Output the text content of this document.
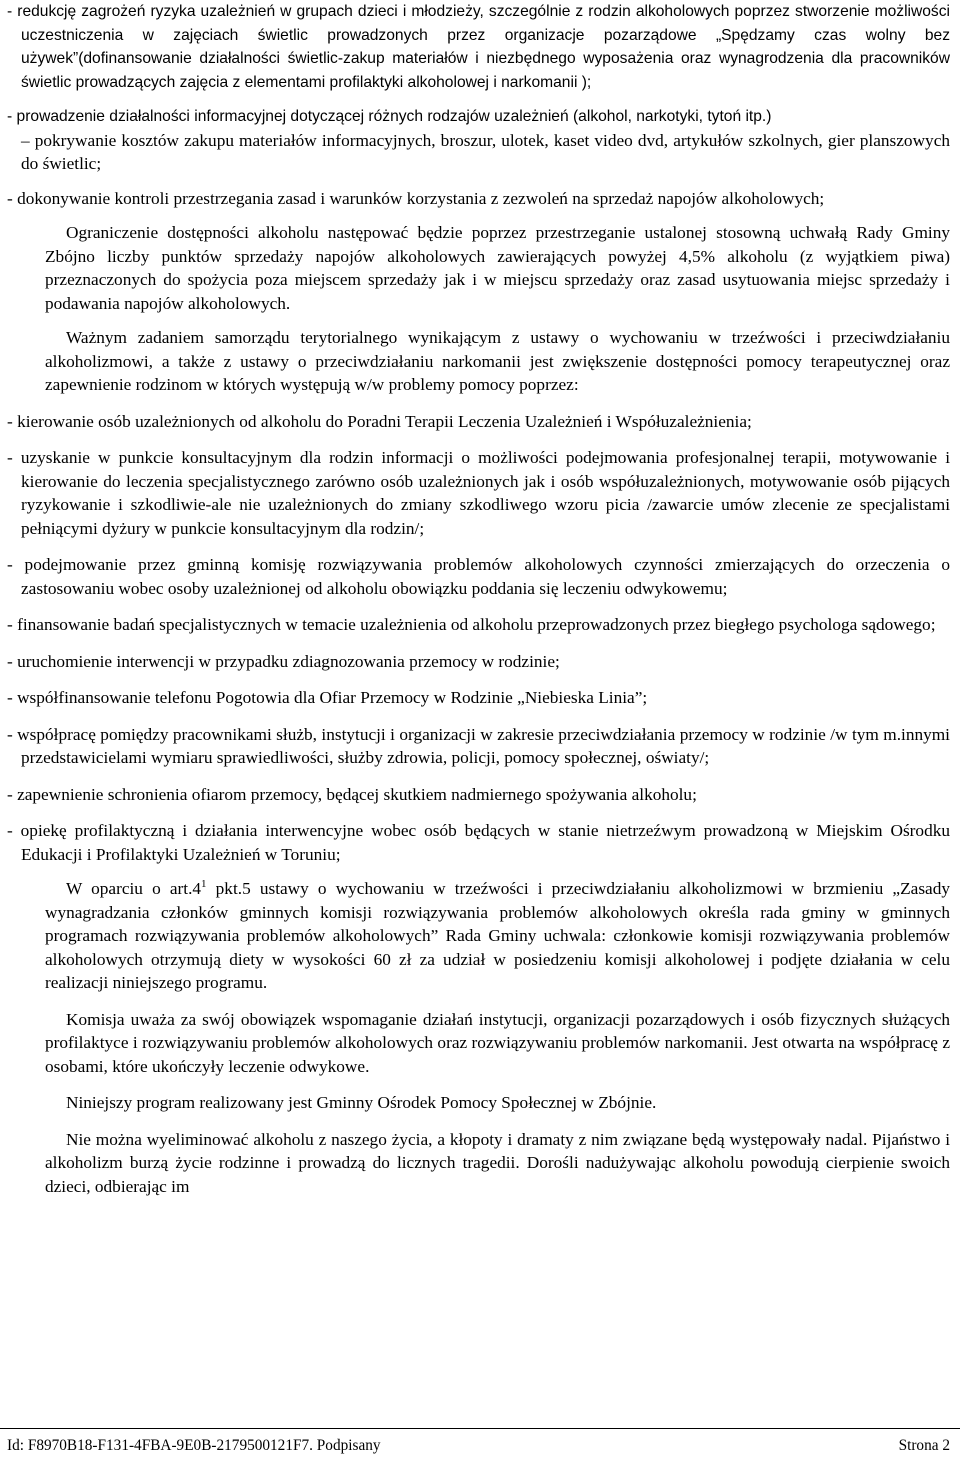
- redukcję zagrożeń ryzyka uzależnień w grupach dzieci i młodzieży, szczególnie z rodzin alkoholowych poprzez stworzenie możliwości uczestniczenia w zajęciach świetlic prowadzonych przez organizacje pozarządowe „Spędzamy czas wolny bez używek”(dofinansowanie działalności świetlic-zakup materiałów i niezbędnego wyposażenia oraz wynagrodzenia dla pracowników świetlic prowadzących zajęcia z elementami profilaktyki alkoholowej i narkomanii );

- prowadzenie działalności informacyjnej dotyczącej różnych rodzajów uzależnień (alkohol, narkotyki, tytoń itp.)

– pokrywanie kosztów zakupu materiałów informacyjnych, broszur, ulotek, kaset video dvd, artykułów szkolnych, gier planszowych do świetlic;

- dokonywanie kontroli przestrzegania zasad i warunków korzystania z zezwoleń na sprzedaż napojów alkoholowych;

Ograniczenie dostępności alkoholu następować będzie poprzez przestrzeganie ustalonej stosowną uchwałą Rady Gminy Zbójno liczby punktów sprzedaży napojów alkoholowych zawierających powyżej 4,5% alkoholu (z wyjątkiem piwa) przeznaczonych do spożycia poza miejscem sprzedaży jak i w miejscu sprzedaży oraz zasad usytuowania miejsc sprzedaży i podawania napojów alkoholowych.

Ważnym zadaniem samorządu terytorialnego wynikającym z ustawy o wychowaniu w trzeźwości i przeciwdziałaniu alkoholizmowi, a także z ustawy o przeciwdziałaniu narkomanii jest zwiększenie dostępności pomocy terapeutycznej oraz zapewnienie rodzinom w których występują w/w problemy pomocy poprzez:

- kierowanie osób uzależnionych od alkoholu do Poradni Terapii Leczenia Uzależnień i Współuzależnienia;

- uzyskanie w punkcie konsultacyjnym dla rodzin informacji o możliwości podejmowania profesjonalnej terapii, motywowanie i kierowanie do leczenia specjalistycznego zarówno osób uzależnionych jak i osób współuzależnionych, motywowanie osób pijących ryzykowanie i szkodliwie-ale nie uzależnionych do zmiany szkodliwego wzoru picia /zawarcie umów zlecenie ze specjalistami pełniącymi dyżury w punkcie konsultacyjnym dla rodzin/;

- podejmowanie przez gminną komisję rozwiązywania problemów alkoholowych czynności zmierzających do orzeczenia o zastosowaniu wobec osoby uzależnionej od alkoholu obowiązku poddania się leczeniu odwykowemu;

- finansowanie badań specjalistycznych w temacie uzależnienia od alkoholu przeprowadzonych przez biegłego psychologa sądowego;

- uruchomienie interwencji w przypadku zdiagnozowania przemocy w rodzinie;

- współfinansowanie telefonu Pogotowia dla Ofiar Przemocy w Rodzinie „Niebieska Linia”;

- współpracę pomiędzy pracownikami służb, instytucji i organizacji w zakresie przeciwdziałania przemocy w rodzinie /w tym m.innymi przedstawicielami wymiaru sprawiedliwości, służby zdrowia, policji, pomocy społecznej, oświaty/;

- zapewnienie schronienia ofiarom przemocy, będącej skutkiem nadmiernego spożywania alkoholu;

- opiekę profilaktyczną i działania interwencyjne wobec osób będących w stanie nietrzeźwym prowadzoną w Miejskim Ośrodku Edukacji i Profilaktyki Uzależnień w Toruniu;

W oparciu o $art.4^1$ pkt.5 ustawy o wychowaniu w trzeźwości i przeciwdziałaniu alkoholizmowi w brzmieniu „Zasady wynagradzania członków gminnych komisji rozwiązywania problemów alkoholowych określa rada gminy w gminnych programach rozwiązywania problemów alkoholowych” Rada Gminy uchwala: członkowie komisji rozwiązywania problemów alkoholowych otrzymują diety w wysokości 60 zł za udział w posiedzeniu komisji alkoholowej i podjęte działania w celu realizacji niniejszego programu.

Komisja uważa za swój obowiązek wspomaganie działań instytucji, organizacji pozarządowych i osób fizycznych służących profilaktyce i rozwiązywaniu problemów alkoholowych oraz rozwiązywaniu problemów narkomanii. Jest otwarta na współpracę z osobami, które ukończyły leczenie odwykowe.

Niniejszy program realizowany jest Gminny Ośrodek Pomocy Społecznej w Zbójnie.

Nie można wyeliminować alkoholu z naszego życia, a kłopoty i dramaty z nim związane będą występowały nadal. Pijaństwo i alkoholizm burzą życie rodzinne i prowadzą do licznych tragedii. Dorośli nadużywając alkoholu powodują cierpienie swoich dzieci, odbierając im

Id: F8970B18-F131-4FBA-9E0B-2179500121F7. Podpisany	Strona 2
